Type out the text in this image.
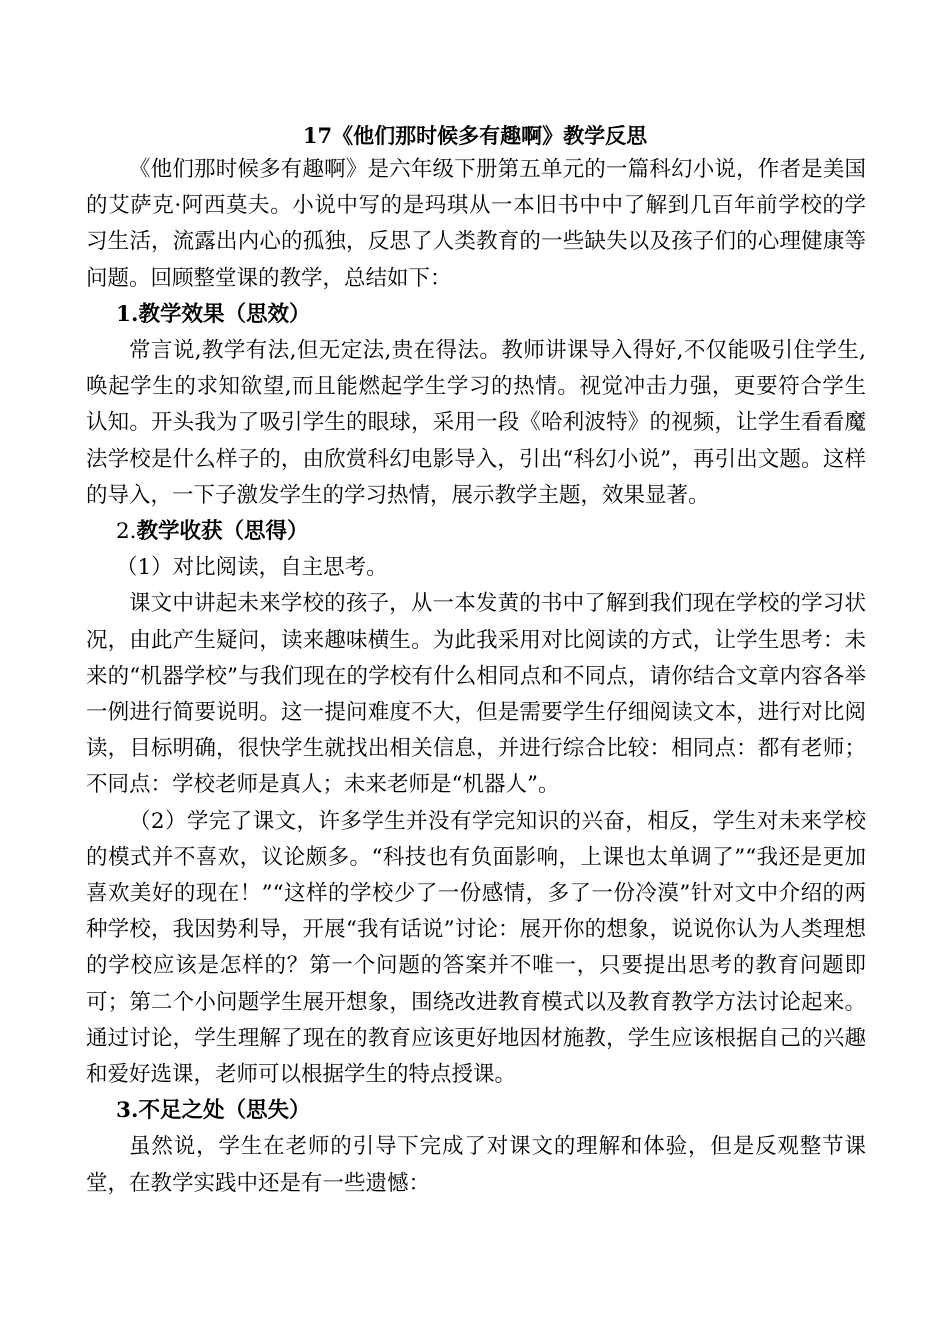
17《他们那时候多有趣啊》教学反思

《他们那时候多有趣啊》是六年级下册第五单元的一篇科幻小说，作者是美国的艾萨克·阿西莫夫。小说中写的是玛琪从一本旧书中中了解到几百年前学校的学习生活，流露出内心的孤独，反思了人类教育的一些缺失以及孩子们的心理健康等问题。回顾整堂课的教学，总结如下：

1.教学效果（思效）

常言说,教学有法,但无定法,贵在得法。教师讲课导入得好,不仅能吸引住学生,唤起学生的求知欲望,而且能燃起学生学习的热情。视觉冲击力强，更要符合学生认知。开头我为了吸引学生的眼球，采用一段《哈利波特》的视频，让学生看看魔法学校是什么样子的，由欣赏科幻电影导入，引出“科幻小说”，再引出文题。这样的导入，一下子激发学生的学习热情，展示教学主题，效果显著。

2.教学收获（思得）

（1）对比阅读，自主思考。

课文中讲起未来学校的孩子，从一本发黄的书中了解到我们现在学校的学习状况，由此产生疑问，读来趣味横生。为此我采用对比阅读的方式，让学生思考：未来的“机器学校”与我们现在的学校有什么相同点和不同点，请你结合文章内容各举一例进行简要说明。这一提问难度不大，但是需要学生仔细阅读文本，进行对比阅读，目标明确，很快学生就找出相关信息，并进行综合比较：相同点：都有老师；不同点：学校老师是真人；未来老师是“机器人”。

（2）学完了课文，许多学生并没有学完知识的兴奋，相反，学生对未来学校的模式并不喜欢，议论颇多。“科技也有负面影响，上课也太单调了”“我还是更加喜欢美好的现在！”“这样的学校少了一份感情，多了一份冷漠”针对文中介绍的两种学校，我因势利导，开展“我有话说”讨论：展开你的想象，说说你认为人类理想的学校应该是怎样的？第一个问题的答案并不唯一，只要提出思考的教育问题即可；第二个小问题学生展开想象，围绕改进教育模式以及教育教学方法讨论起来。通过讨论，学生理解了现在的教育应该更好地因材施教，学生应该根据自己的兴趣和爱好选课，老师可以根据学生的特点授课。

3.不足之处（思失）

虽然说，学生在老师的引导下完成了对课文的理解和体验，但是反观整节课堂，在教学实践中还是有一些遗憾：
